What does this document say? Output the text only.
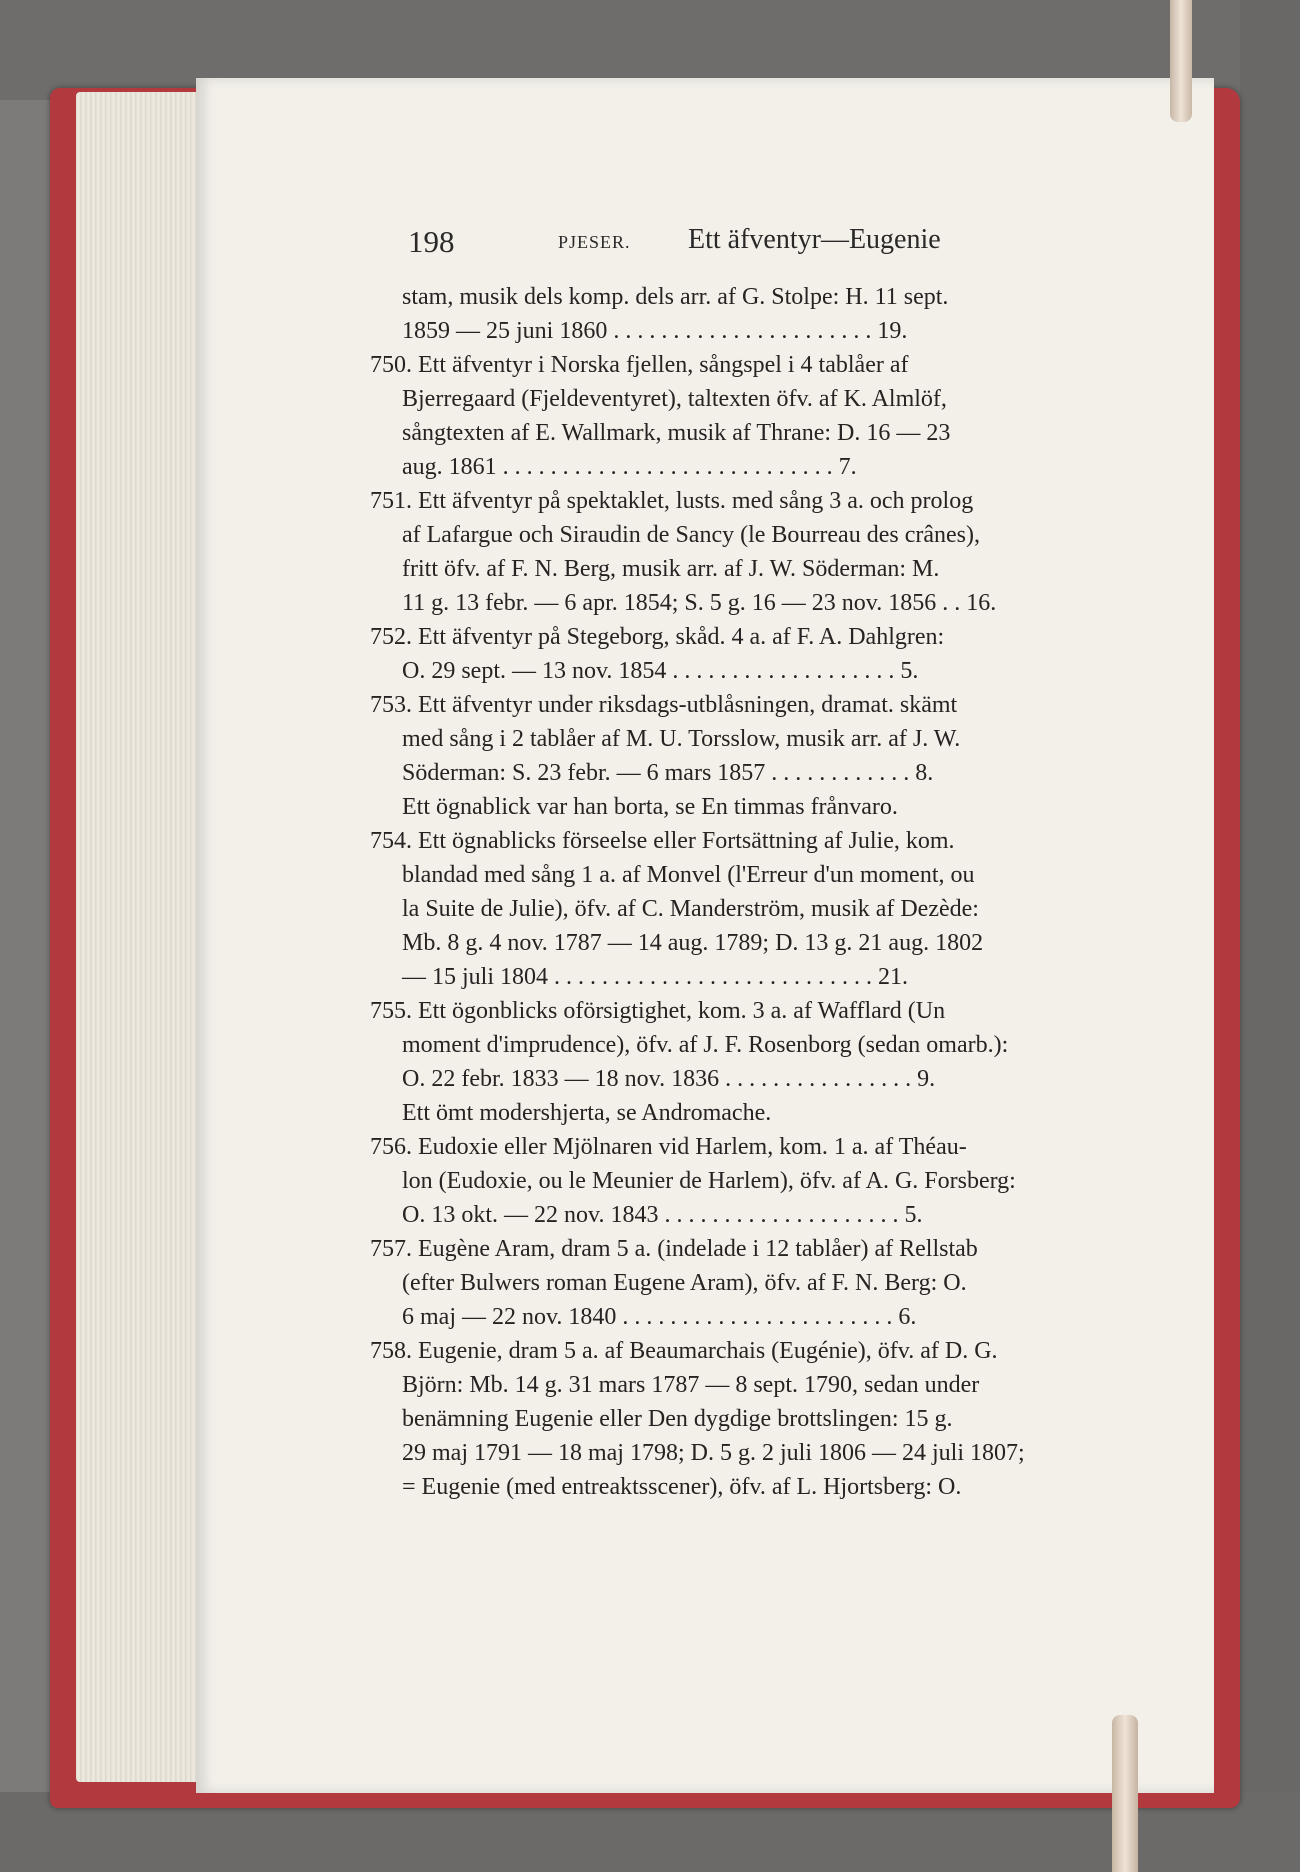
198	PJESER. Ett äfventyr—Eugenie
stam, musik dels komp. dels arr. af G. Stolpe: H. 11 sept.
1859 — 25 juni 1860 . . . . . . . . . . . . . . . . . . . . . . 19.
750. Ett äfventyr i Norska fjellen, sångspel i 4 tablåer af
Bjerregaard (Fjeldeventyret), taltexten öfv. af K. Almlöf,
sångtexten af E. Wallmark, musik af Thrane: D. 16 — 23
aug. 1861 . . . . . . . . . . . . . . . . . . . . . . . . . . . . 7.
751. Ett äfventyr på spektaklet, lusts. med sång 3 a. och prolog
af Lafargue och Siraudin de Sancy (le Bourreau des crânes),
fritt öfv. af F. N. Berg, musik arr. af J. W. Söderman: M.
11 g. 13 febr. — 6 apr. 1854; S. 5 g. 16 — 23 nov. 1856 . . 16.
752. Ett äfventyr på Stegeborg, skåd. 4 a. af F. A. Dahlgren:
O. 29 sept. — 13 nov. 1854 . . . . . . . . . . . . . . . . . . . 5.
753. Ett äfventyr under riksdags-utblåsningen, dramat. skämt
med sång i 2 tablåer af M. U. Torsslow, musik arr. af J. W.
Söderman: S. 23 febr. — 6 mars 1857 . . . . . . . . . . . . 8.
Ett ögnablick var han borta, se En timmas frånvaro.
754. Ett ögnablicks förseelse eller Fortsättning af Julie, kom.
blandad med sång 1 a. af Monvel (l'Erreur d'un moment, ou
la Suite de Julie), öfv. af C. Manderström, musik af Dezède:
Mb. 8 g. 4 nov. 1787 — 14 aug. 1789; D. 13 g. 21 aug. 1802
— 15 juli 1804 . . . . . . . . . . . . . . . . . . . . . . . . . . . 21.
755. Ett ögonblicks oförsigtighet, kom. 3 a. af Wafflard (Un
moment d'imprudence), öfv. af J. F. Rosenborg (sedan omarb.):
O. 22 febr. 1833 — 18 nov. 1836 . . . . . . . . . . . . . . . . 9.
Ett ömt modershjerta, se Andromache.
756. Eudoxie eller Mjölnaren vid Harlem, kom. 1 a. af Théau-
lon (Eudoxie, ou le Meunier de Harlem), öfv. af A. G. Forsberg:
O. 13 okt. — 22 nov. 1843 . . . . . . . . . . . . . . . . . . . . 5.
757. Eugène Aram, dram 5 a. (indelade i 12 tablåer) af Rellstab
(efter Bulwers roman Eugene Aram), öfv. af F. N. Berg: O.
6 maj — 22 nov. 1840 . . . . . . . . . . . . . . . . . . . . . . . 6.
758. Eugenie, dram 5 a. af Beaumarchais (Eugénie), öfv. af D. G.
Björn: Mb. 14 g. 31 mars 1787 — 8 sept. 1790, sedan under
benämning Eugenie eller Den dygdige brottslingen: 15 g.
29 maj 1791 — 18 maj 1798; D. 5 g. 2 juli 1806 — 24 juli 1807;
= Eugenie (med entreaktsscener), öfv. af L. Hjortsberg: O.
